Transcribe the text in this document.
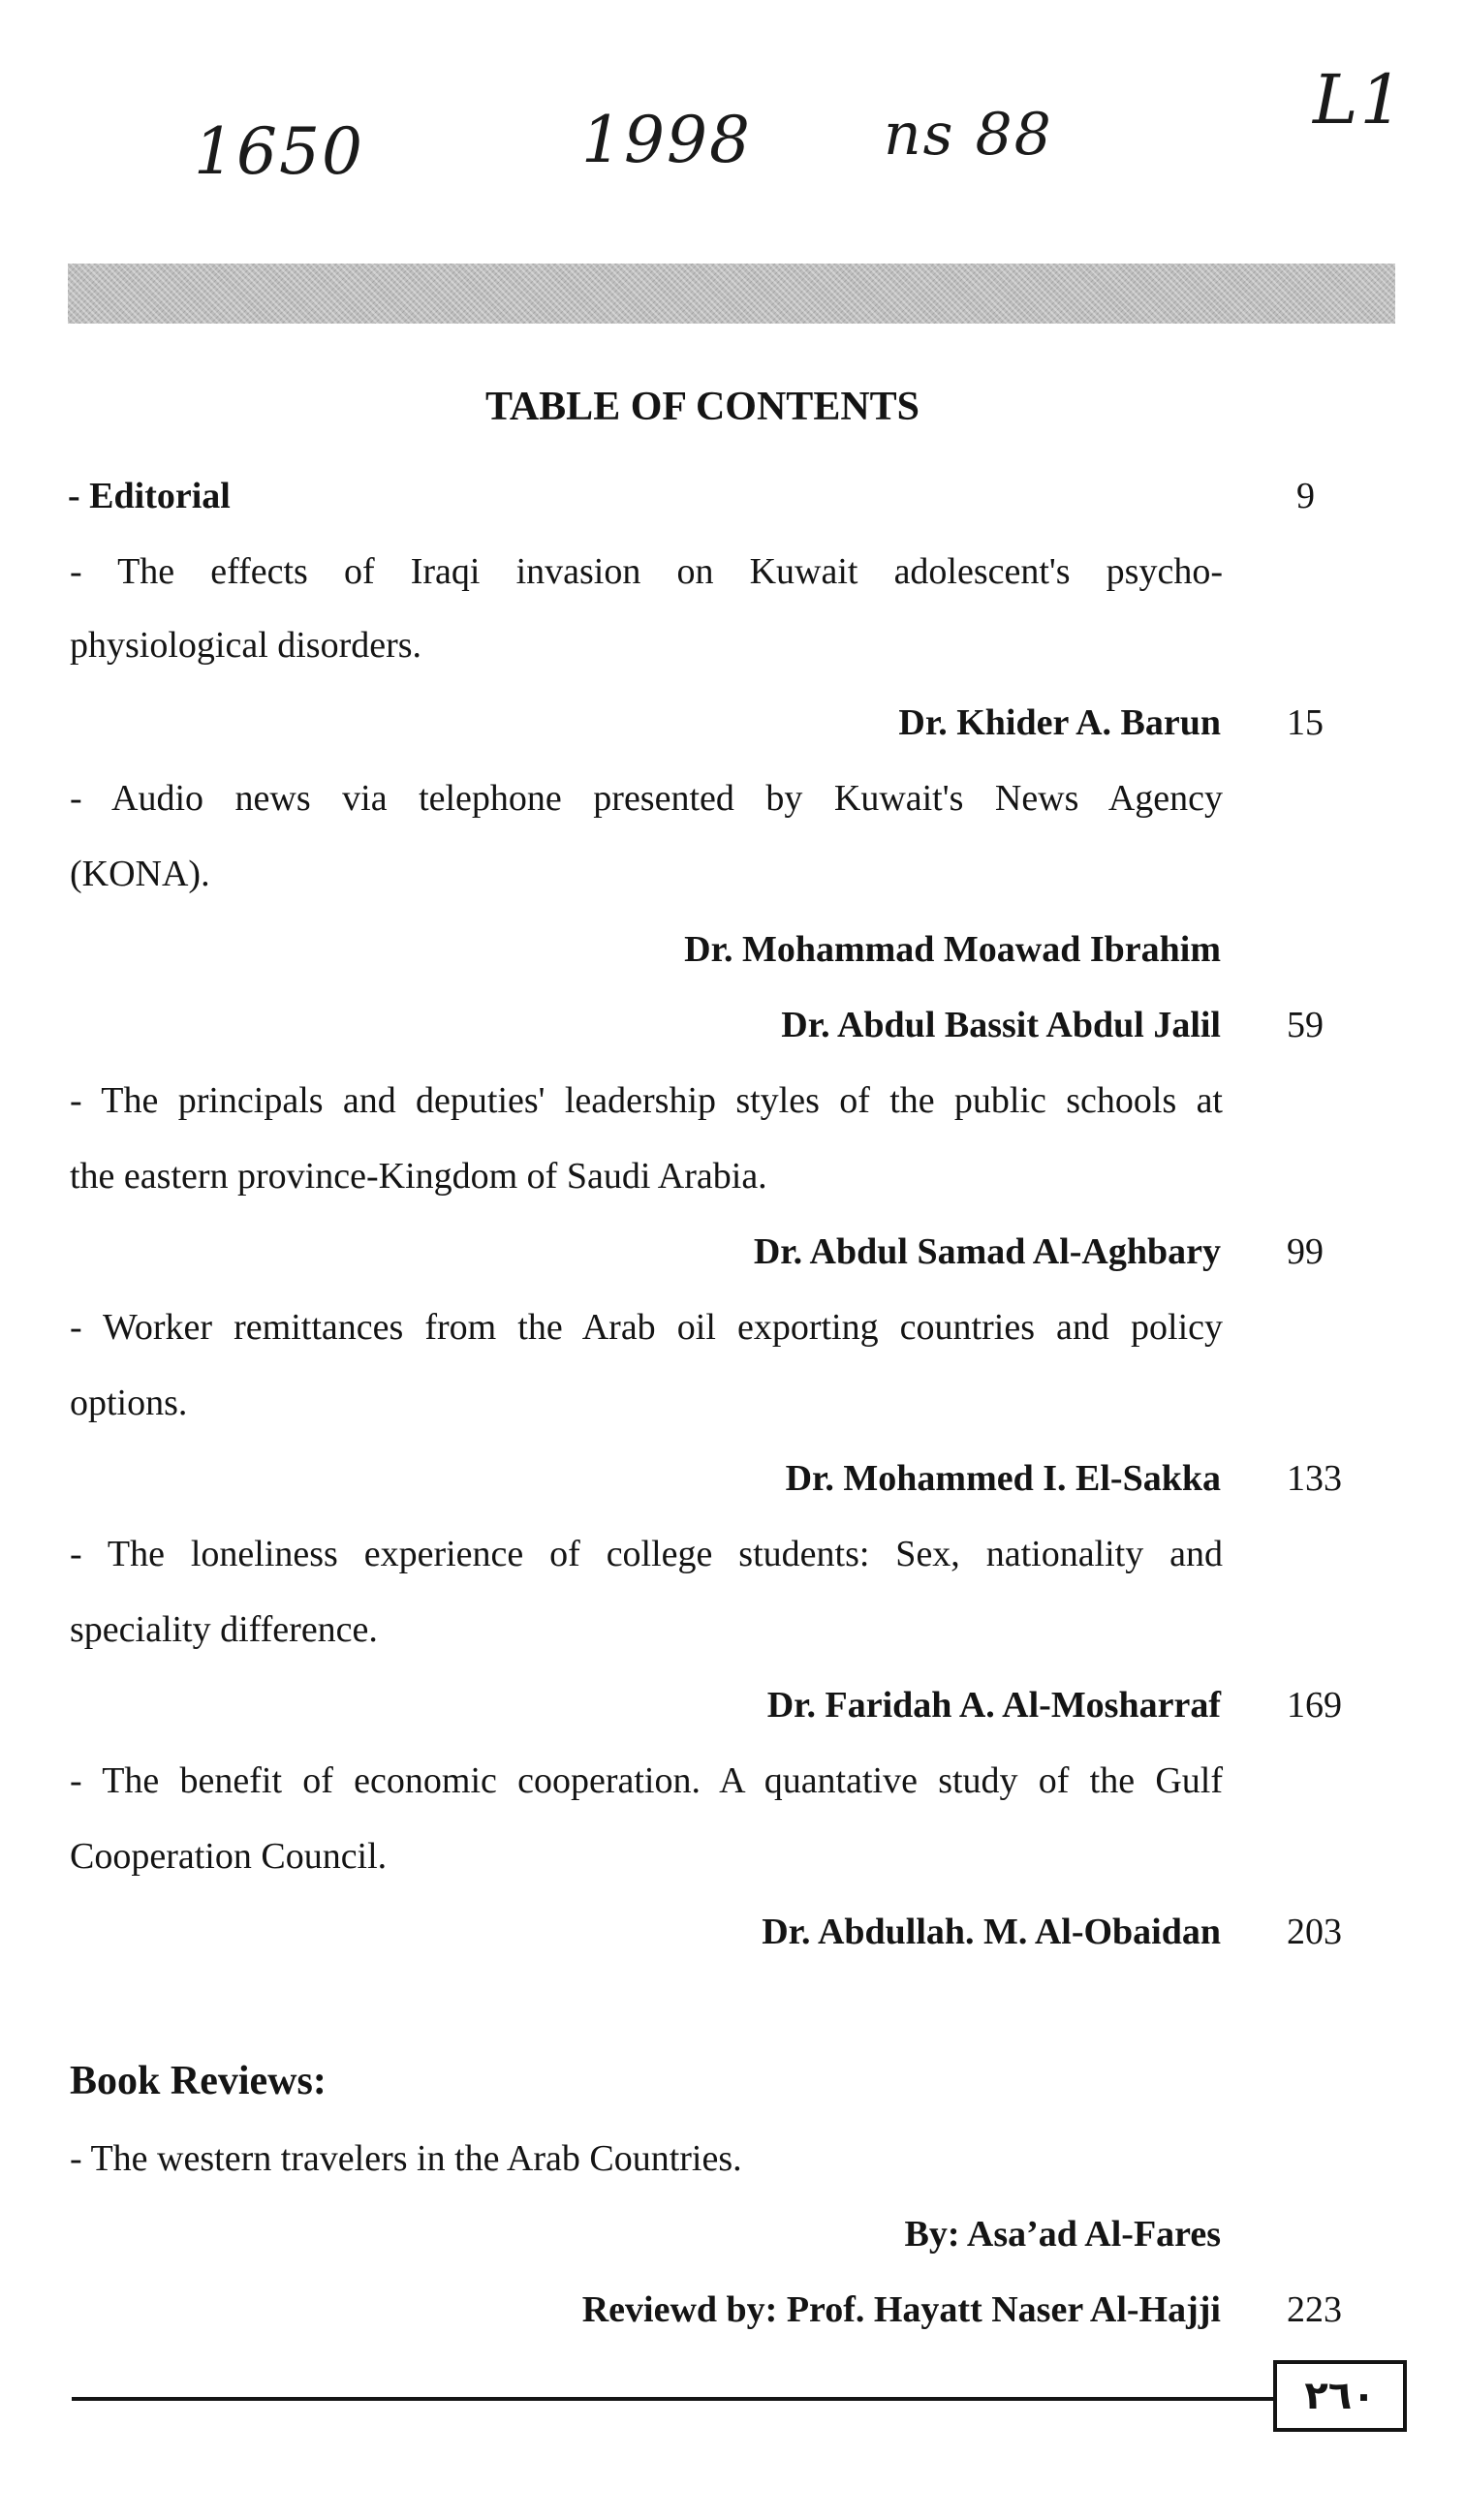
1650	1998 ns 88	L1
TABLE OF CONTENTS
- Editorial	9
- The effects of Iraqi invasion on Kuwait adolescent's psycho-
physiological disorders.
Dr. Khider A. Barun 15
- Audio news via telephone presented by Kuwait's News Agency
(KONA).
Dr. Mohammad Moawad Ibrahim
Dr. Abdul Bassit Abdul Jalil 59
- The principals and deputies' leadership styles of the public schools at
the eastern province-Kingdom of Saudi Arabia.
Dr. Abdul Samad Al-Aghbary 99
- Worker remittances from the Arab oil exporting countries and policy
options.
Dr. Mohammed I. El-Sakka 133
- The loneliness experience of college students: Sex, nationality and
speciality difference.
Dr. Faridah A. Al-Mosharraf 169
- The benefit of economic cooperation. A quantative study of the Gulf
Cooperation Council.
Dr. Abdullah. M. Al-Obaidan 203
Book Reviews:
- The western travelers in the Arab Countries.
By: Asa’ad Al-Fares
Reviewd by: Prof. Hayatt Naser Al-Hajji 223
٢٦٠
